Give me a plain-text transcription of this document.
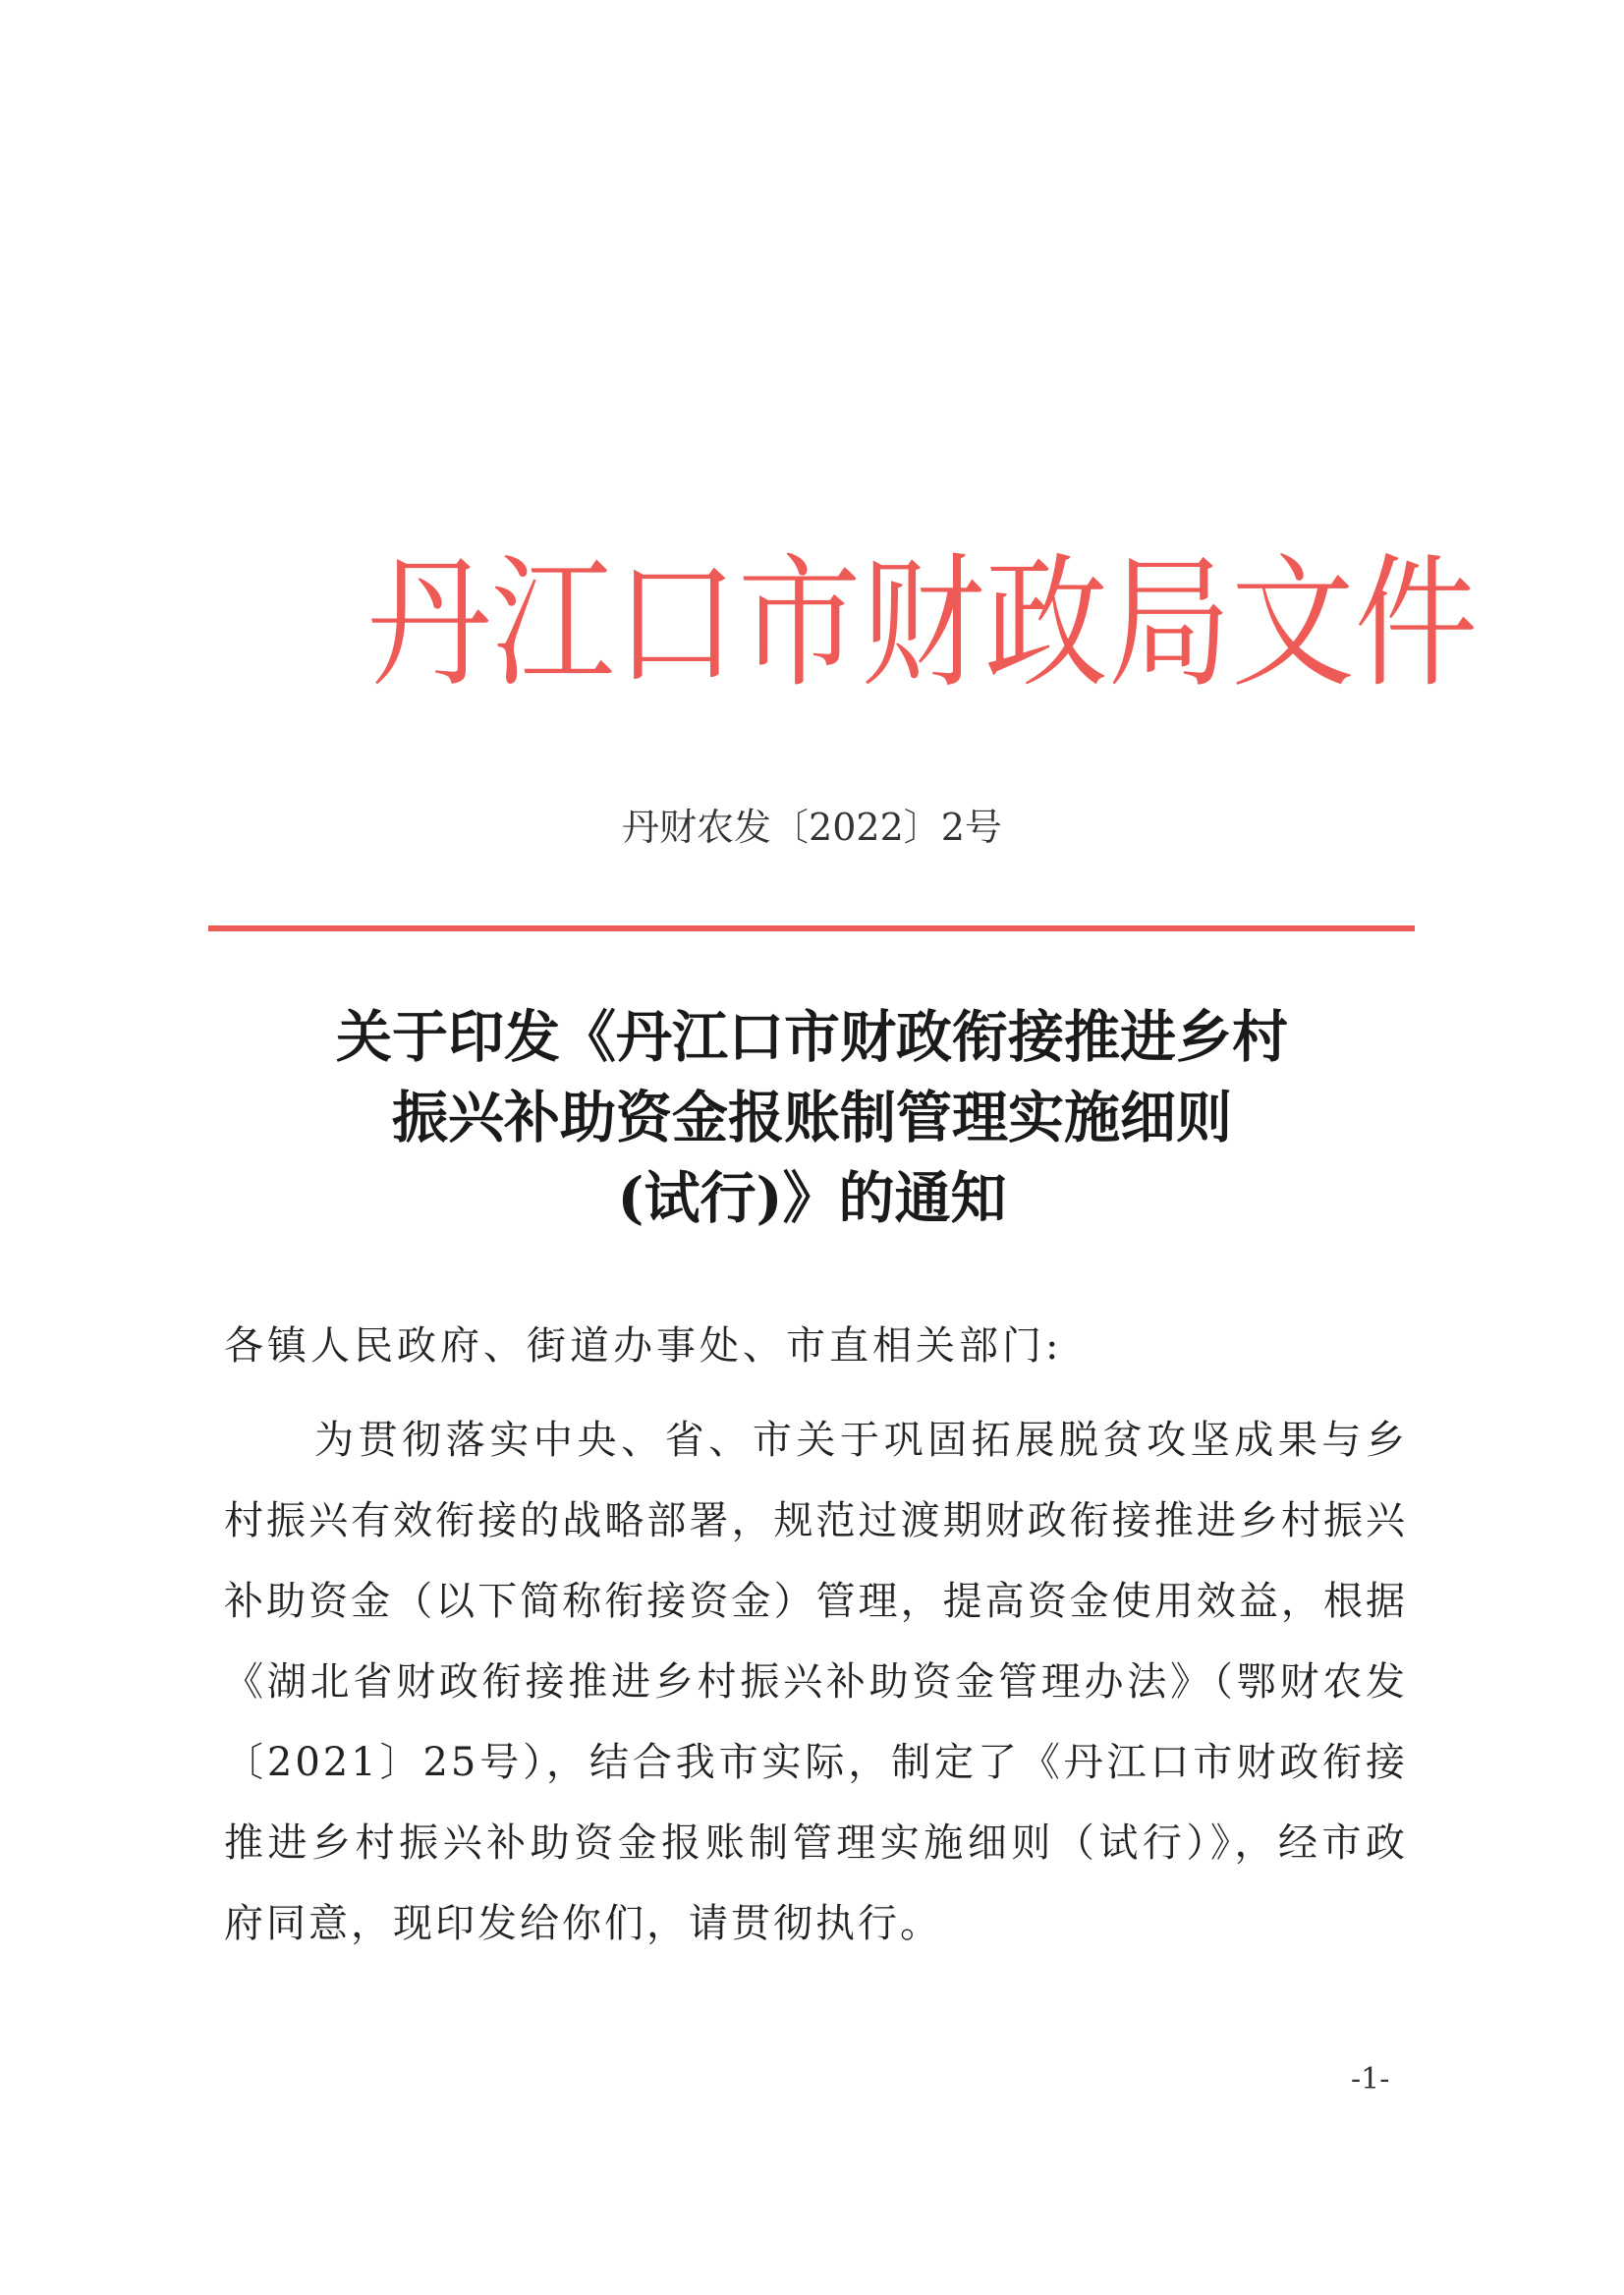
丹江口市财政局文件
丹财农发〔2022〕2号
关于印发《丹江口市财政衔接推进乡村
振兴补助资金报账制管理实施细则
(试行)》的通知
各镇人民政府、街道办事处、市直相关部门:

为贯彻落实中央、省、市关于巩固拓展脱贫攻坚成果与乡村振兴有效衔接的战略部署，规范过渡期财政衔接推进乡村振兴补助资金（以下简称衔接资金）管理，提高资金使用效益，根据《湖北省财政衔接推进乡村振兴补助资金管理办法》（鄂财农发〔2021〕25号），结合我市实际，制定了《丹江口市财政衔接推进乡村振兴补助资金报账制管理实施细则（试行）》，经市政府同意，现印发给你们，请贯彻执行。

-1-
